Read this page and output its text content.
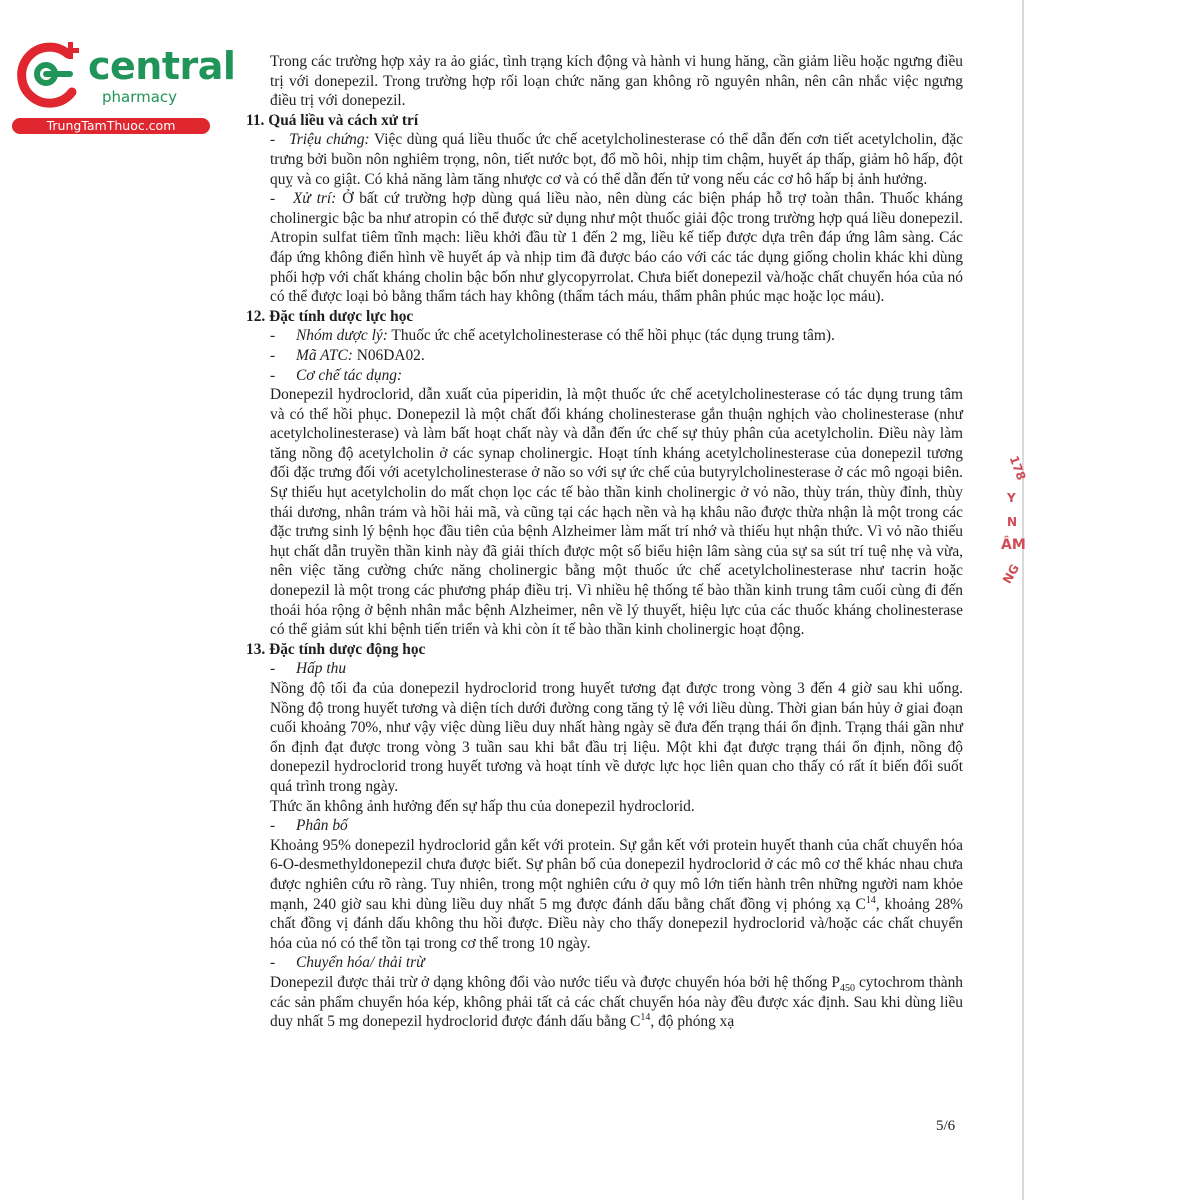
central
pharmacy
TrungTamThuoc.com
178
Y
N
ÂM
NG

Trong các trường hợp xảy ra ảo giác, tình trạng kích động và hành vi hung hăng, cần giảm liều hoặc ngưng điều trị với donepezil. Trong trường hợp rối loạn chức năng gan không rõ nguyên nhân, nên cân nhắc việc ngưng điều trị với donepezil.

11. Quá liều và cách xử trí

-   Triệu chứng: Việc dùng quá liều thuốc ức chế acetylcholinesterase có thể dẫn đến cơn tiết acetylcholin, đặc trưng bởi buồn nôn nghiêm trọng, nôn, tiết nước bọt, đổ mồ hôi, nhịp tim chậm, huyết áp thấp, giảm hô hấp, đột quỵ và co giật. Có khả năng làm tăng nhược cơ và có thể dẫn đến tử vong nếu các cơ hô hấp bị ảnh hưởng.

-   Xử trí: Ở bất cứ trường hợp dùng quá liều nào, nên dùng các biện pháp hỗ trợ toàn thân. Thuốc kháng cholinergic bậc ba như atropin có thể được sử dụng như một thuốc giải độc trong trường hợp quá liều donepezil. Atropin sulfat tiêm tĩnh mạch: liều khởi đầu từ 1 đến 2 mg, liều kế tiếp được dựa trên đáp ứng lâm sàng. Các đáp ứng không điển hình về huyết áp và nhịp tim đã được báo cáo với các tác dụng giống cholin khác khi dùng phối hợp với chất kháng cholin bậc bốn như glycopyrrolat. Chưa biết donepezil và/hoặc chất chuyển hóa của nó có thể được loại bỏ bằng thẩm tách hay không (thẩm tách máu, thẩm phân phúc mạc hoặc lọc máu).

12. Đặc tính dược lực học

- Nhóm dược lý: Thuốc ức chế acetylcholinesterase có thể hồi phục (tác dụng trung tâm).

- Mã ATC: N06DA02.

- Cơ chế tác dụng:

Donepezil hydroclorid, dẫn xuất của piperidin, là một thuốc ức chế acetylcholinesterase có tác dụng trung tâm và có thể hồi phục. Donepezil là một chất đối kháng cholinesterase gắn thuận nghịch vào cholinesterase (như acetylcholinesterase) và làm bất hoạt chất này và dẫn đến ức chế sự thủy phân của acetylcholin. Điều này làm tăng nồng độ acetylcholin ở các synap cholinergic. Hoạt tính kháng acetylcholinesterase của donepezil tương đối đặc trưng đối với acetylcholinesterase ở não so với sự ức chế của butyrylcholinesterase ở các mô ngoại biên. Sự thiếu hụt acetylcholin do mất chọn lọc các tế bào thần kinh cholinergic ở vỏ não, thùy trán, thùy đỉnh, thùy thái dương, nhân trám và hồi hải mã, và cũng tại các hạch nền và hạ khâu não được thừa nhận là một trong các đặc trưng sinh lý bệnh học đầu tiên của bệnh Alzheimer làm mất trí nhớ và thiếu hụt nhận thức. Vì vỏ não thiếu hụt chất dẫn truyền thần kinh này đã giải thích được một số biểu hiện lâm sàng của sự sa sút trí tuệ nhẹ và vừa, nên việc tăng cường chức năng cholinergic bằng một thuốc ức chế acetylcholinesterase như tacrin hoặc donepezil là một trong các phương pháp điều trị. Vì nhiều hệ thống tế bào thần kinh trung tâm cuối cùng đi đến thoái hóa rộng ở bệnh nhân mắc bệnh Alzheimer, nên về lý thuyết, hiệu lực của các thuốc kháng cholinesterase có thể giảm sút khi bệnh tiến triển và khi còn ít tế bào thần kinh cholinergic hoạt động.

13. Đặc tính dược động học

- Hấp thu

Nồng độ tối đa của donepezil hydroclorid trong huyết tương đạt được trong vòng 3 đến 4 giờ sau khi uống. Nồng độ trong huyết tương và diện tích dưới đường cong tăng tỷ lệ với liều dùng. Thời gian bán hủy ở giai đoạn cuối khoảng 70%, như vậy việc dùng liều duy nhất hàng ngày sẽ đưa đến trạng thái ổn định. Trạng thái gần như ổn định đạt được trong vòng 3 tuần sau khi bắt đầu trị liệu. Một khi đạt được trạng thái ổn định, nồng độ donepezil hydroclorid trong huyết tương và hoạt tính về dược lực học liên quan cho thấy có rất ít biến đổi suốt quá trình trong ngày.

Thức ăn không ảnh hưởng đến sự hấp thu của donepezil hydroclorid.

- Phân bố

Khoảng 95% donepezil hydroclorid gắn kết với protein. Sự gắn kết với protein huyết thanh của chất chuyển hóa 6-O-desmethyldonepezil chưa được biết. Sự phân bố của donepezil hydroclorid ở các mô cơ thể khác nhau chưa được nghiên cứu rõ ràng. Tuy nhiên, trong một nghiên cứu ở quy mô lớn tiến hành trên những người nam khỏe mạnh, 240 giờ sau khi dùng liều duy nhất 5 mg được đánh dấu bằng chất đồng vị phóng xạ $C^{14}$, khoảng 28% chất đồng vị đánh dấu không thu hồi được. Điều này cho thấy donepezil hydroclorid và/hoặc các chất chuyển hóa của nó có thể tồn tại trong cơ thể trong 10 ngày.

- Chuyển hóa/ thải trừ

Donepezil được thải trừ ở dạng không đổi vào nước tiểu và được chuyển hóa bởi hệ thống $P_{450}$ cytochrom thành các sản phẩm chuyển hóa kép, không phải tất cả các chất chuyển hóa này đều được xác định. Sau khi dùng liều duy nhất 5 mg donepezil hydroclorid được đánh dấu bằng $C^{14}$, độ phóng xạ

5/6
